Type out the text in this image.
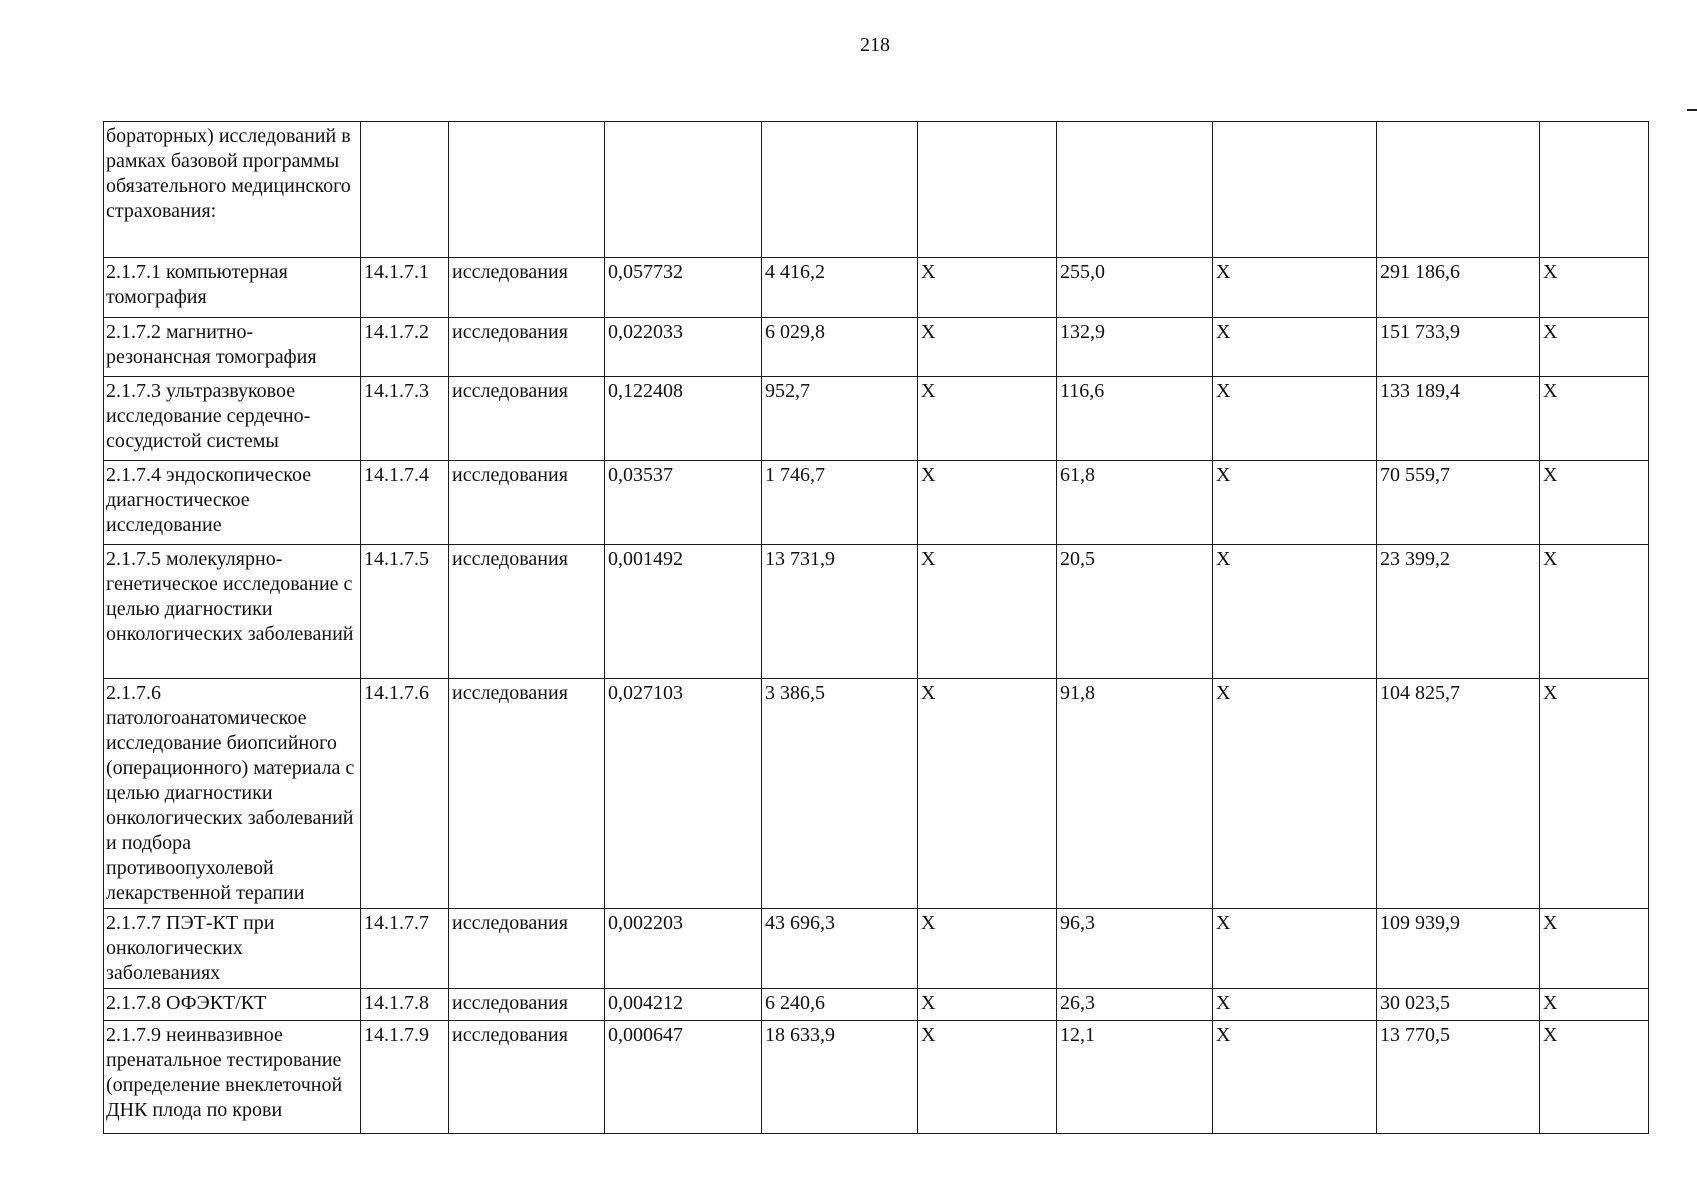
218
бораторных) исследований в рамках базовой программы обязательного медицинского страхования:									
2.1.7.1 компьютерная томография	14.1.7.1	исследования	0,057732	4 416,2	Х	255,0	Х	291 186,6	Х
2.1.7.2 магнитно-резонансная томография	14.1.7.2	исследования	0,022033	6 029,8	Х	132,9	Х	151 733,9	Х
2.1.7.3 ультразвуковое исследование сердечно-сосудистой системы	14.1.7.3	исследования	0,122408	952,7	Х	116,6	Х	133 189,4	Х
2.1.7.4 эндоскопическое диагностическое исследование	14.1.7.4	исследования	0,03537	1 746,7	Х	61,8	Х	70 559,7	Х
2.1.7.5 молекулярно-генетическое исследование с целью диагностики онкологических заболеваний	14.1.7.5	исследования	0,001492	13 731,9	Х	20,5	Х	23 399,2	Х
2.1.7.6 патологоанатомическое исследование биопсийного (операционного) материала с целью диагностики онкологических заболеваний и подбора противоопухолевой лекарственной терапии	14.1.7.6	исследования	0,027103	3 386,5	Х	91,8	Х	104 825,7	Х
2.1.7.7 ПЭТ-КТ при онкологических заболеваниях	14.1.7.7	исследования	0,002203	43 696,3	Х	96,3	Х	109 939,9	Х
2.1.7.8 ОФЭКТ/КТ	14.1.7.8	исследования	0,004212	6 240,6	Х	26,3	Х	30 023,5	Х
2.1.7.9 неинвазивное пренатальное тестирование (определение внеклеточной ДНК плода по крови	14.1.7.9	исследования	0,000647	18 633,9	Х	12,1	Х	13 770,5	Х
